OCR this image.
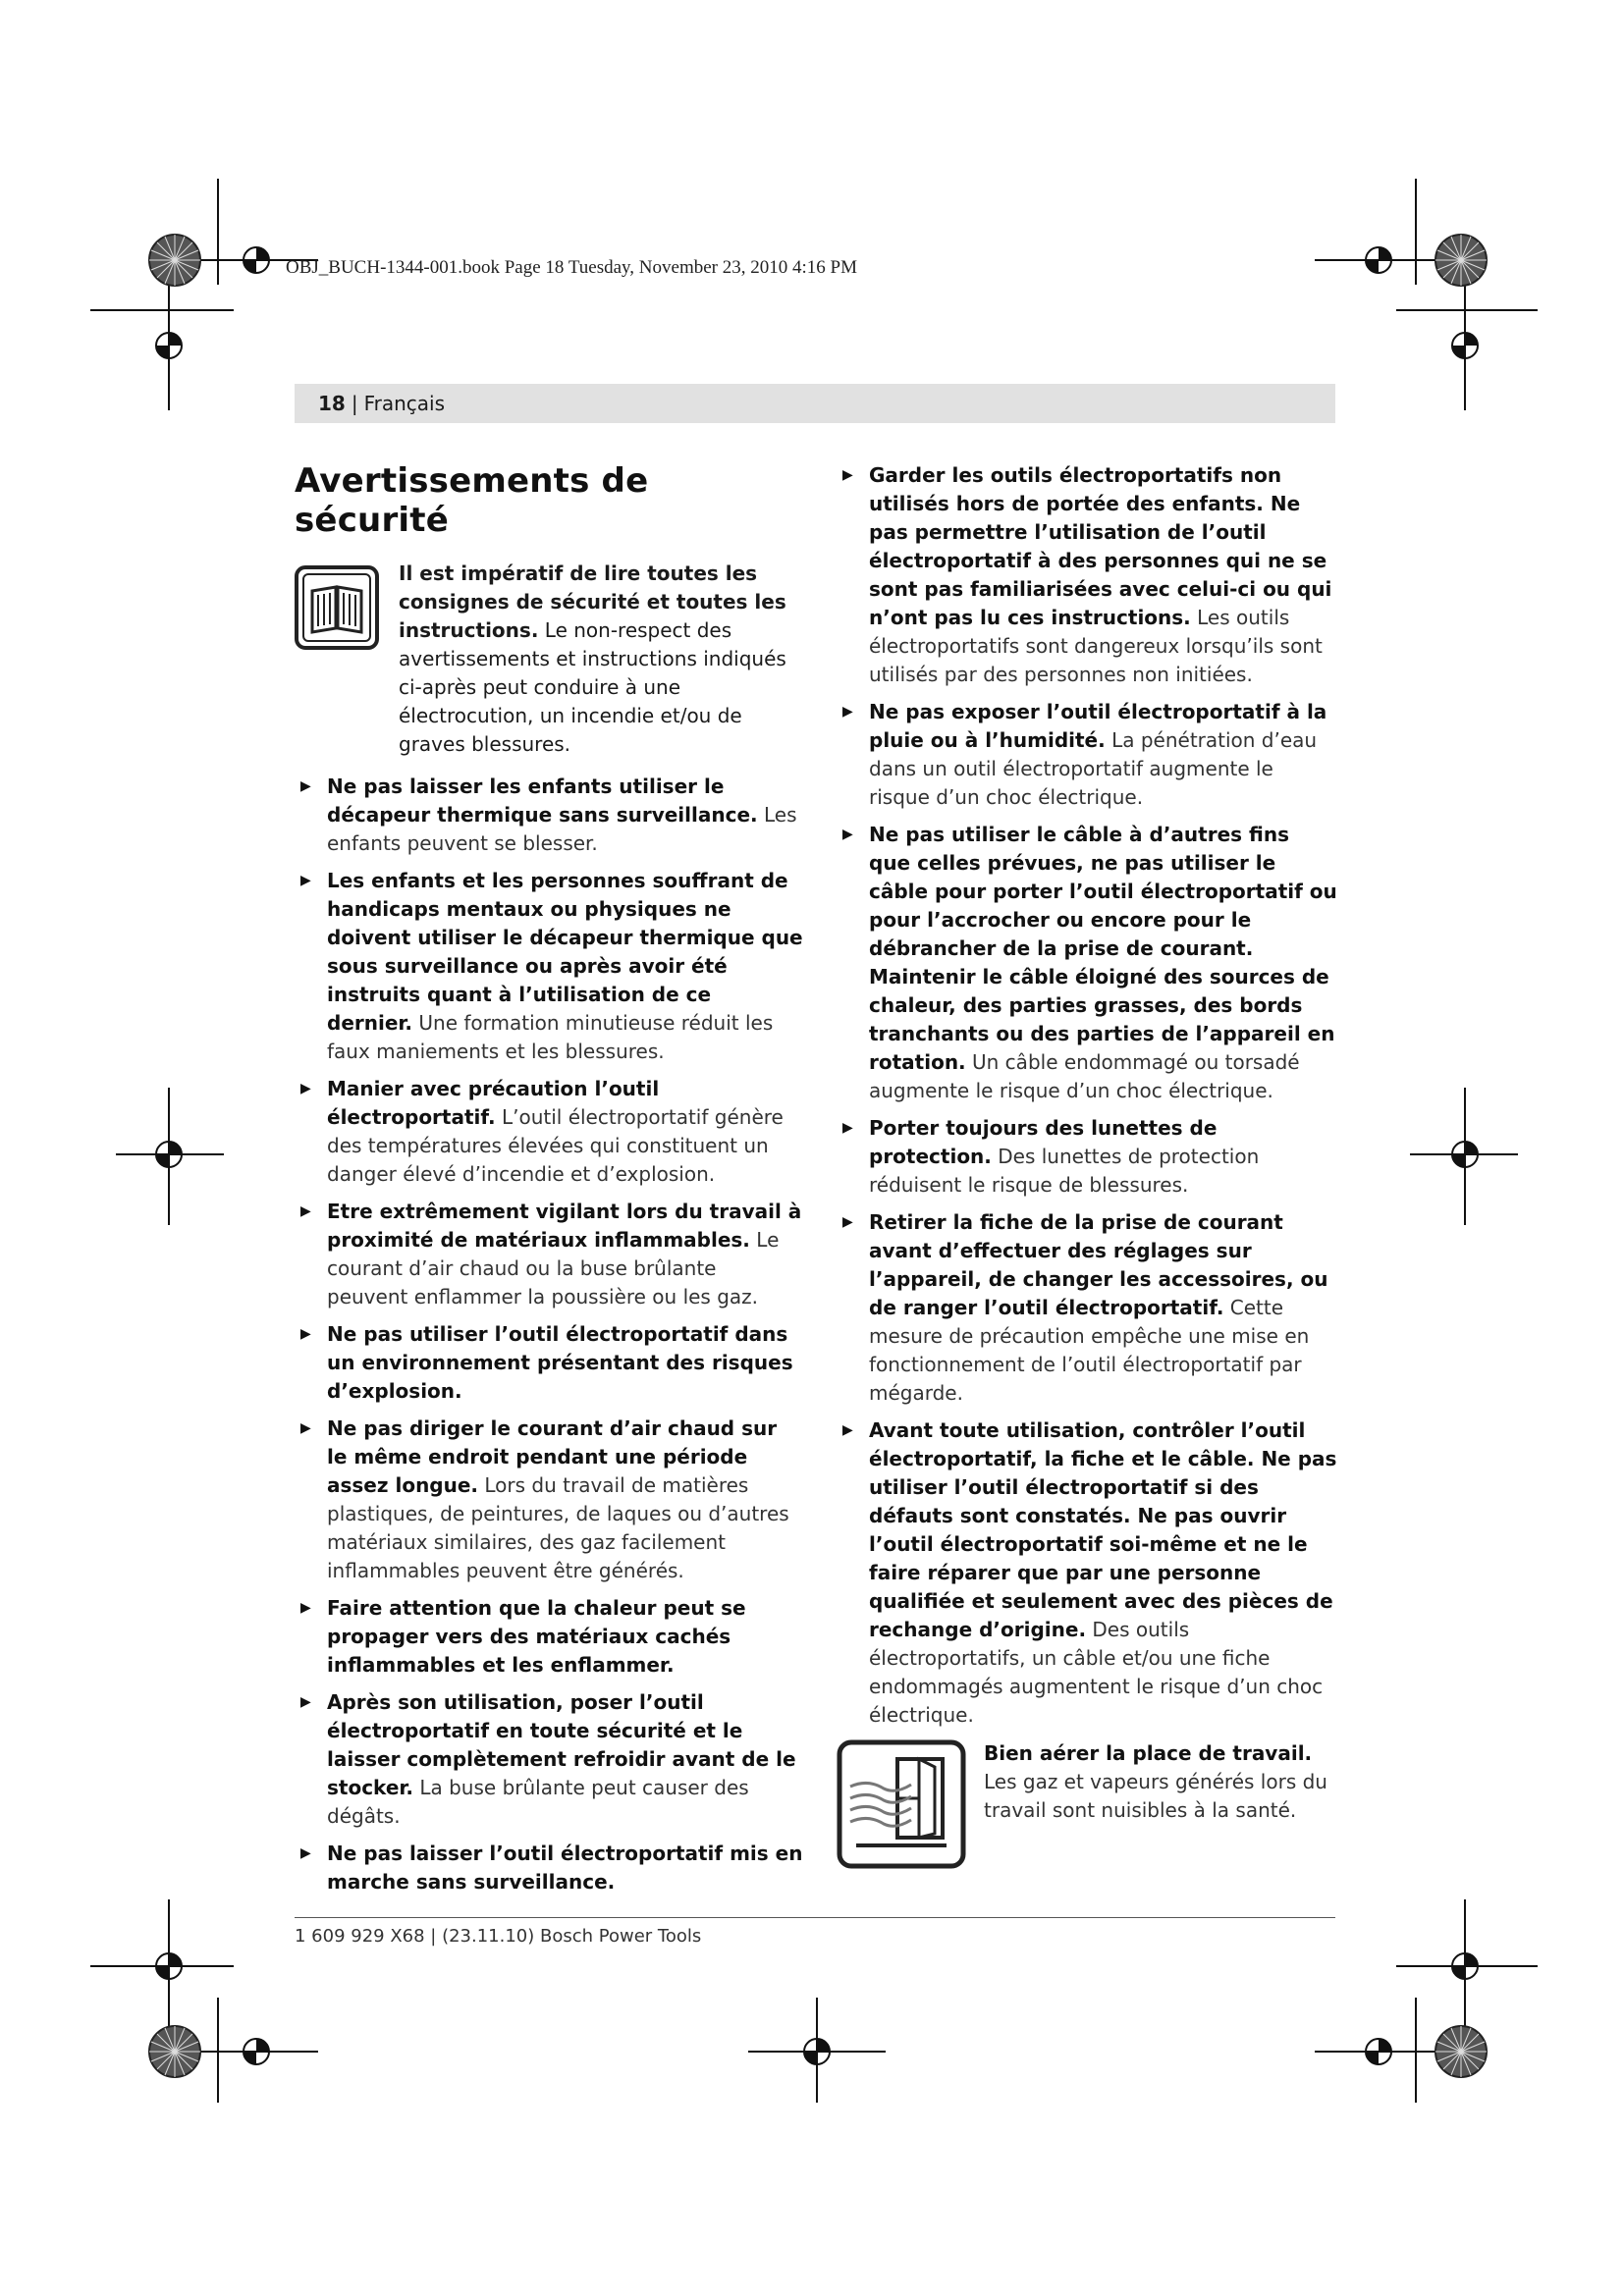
OBJ_BUCH-1344-001.book Page 18 Tuesday, November 23, 2010 4:16 PM
18 | Français
Avertissements de sécurité
Il est impératif de lire toutes les consignes de sécurité et toutes les instructions. Le non-respect des avertissements et instructions indiqués ci-après peut conduire à une électrocution, un incendie et/ou de graves blessures.
▶ Ne pas laisser les enfants utiliser le décapeur thermique sans surveillance. Les enfants peuvent se blesser.
▶ Les enfants et les personnes souffrant de handicaps mentaux ou physiques ne doivent utiliser le décapeur thermique que sous surveillance ou après avoir été instruits quant à l’utilisation de ce dernier. Une formation minutieuse réduit les faux maniements et les blessures.
▶ Manier avec précaution l’outil électroportatif. L’outil électroportatif génère des températures élevées qui constituent un danger élevé d’incendie et d’explosion.
▶ Etre extrêmement vigilant lors du travail à proximité de matériaux inflammables. Le courant d’air chaud ou la buse brûlante peuvent enflammer la poussière ou les gaz.
▶ Ne pas utiliser l’outil électroportatif dans un environnement présentant des risques d’explosion.
▶ Ne pas diriger le courant d’air chaud sur le même endroit pendant une période assez longue. Lors du travail de matières plastiques, de peintures, de laques ou d’autres matériaux similaires, des gaz facilement inflammables peuvent être générés.
▶ Faire attention que la chaleur peut se propager vers des matériaux cachés inflammables et les enflammer.
▶ Après son utilisation, poser l’outil électroportatif en toute sécurité et le laisser complètement refroidir avant de le stocker. La buse brûlante peut causer des dégâts.
▶ Ne pas laisser l’outil électroportatif mis en marche sans surveillance.
▶ Garder les outils électroportatifs non utilisés hors de portée des enfants. Ne pas permettre l’utilisation de l’outil électroportatif à des personnes qui ne se sont pas familiarisées avec celui-ci ou qui n’ont pas lu ces instructions. Les outils électroportatifs sont dangereux lorsqu’ils sont utilisés par des personnes non initiées.
▶ Ne pas exposer l’outil électroportatif à la pluie ou à l’humidité. La pénétration d’eau dans un outil électroportatif augmente le risque d’un choc électrique.
▶ Ne pas utiliser le câble à d’autres fins que celles prévues, ne pas utiliser le câble pour porter l’outil électroportatif ou pour l’accrocher ou encore pour le débrancher de la prise de courant. Maintenir le câble éloigné des sources de chaleur, des parties grasses, des bords tranchants ou des parties de l’appareil en rotation. Un câble endommagé ou torsadé augmente le risque d’un choc électrique.
▶ Porter toujours des lunettes de protection. Des lunettes de protection réduisent le risque de blessures.
▶ Retirer la fiche de la prise de courant avant d’effectuer des réglages sur l’appareil, de changer les accessoires, ou de ranger l’outil électroportatif. Cette mesure de précaution empêche une mise en fonctionnement de l’outil électroportatif par mégarde.
▶ Avant toute utilisation, contrôler l’outil électroportatif, la fiche et le câble. Ne pas utiliser l’outil électroportatif si des défauts sont constatés. Ne pas ouvrir l’outil électroportatif soi-même et ne le faire réparer que par une personne qualifiée et seulement avec des pièces de rechange d’origine. Des outils électroportatifs, un câble et/ou une fiche endommagés augmentent le risque d’un choc électrique.
Bien aérer la place de travail. Les gaz et vapeurs générés lors du travail sont nuisibles à la santé.
1 609 929 X68 | (23.11.10) Bosch Power Tools
